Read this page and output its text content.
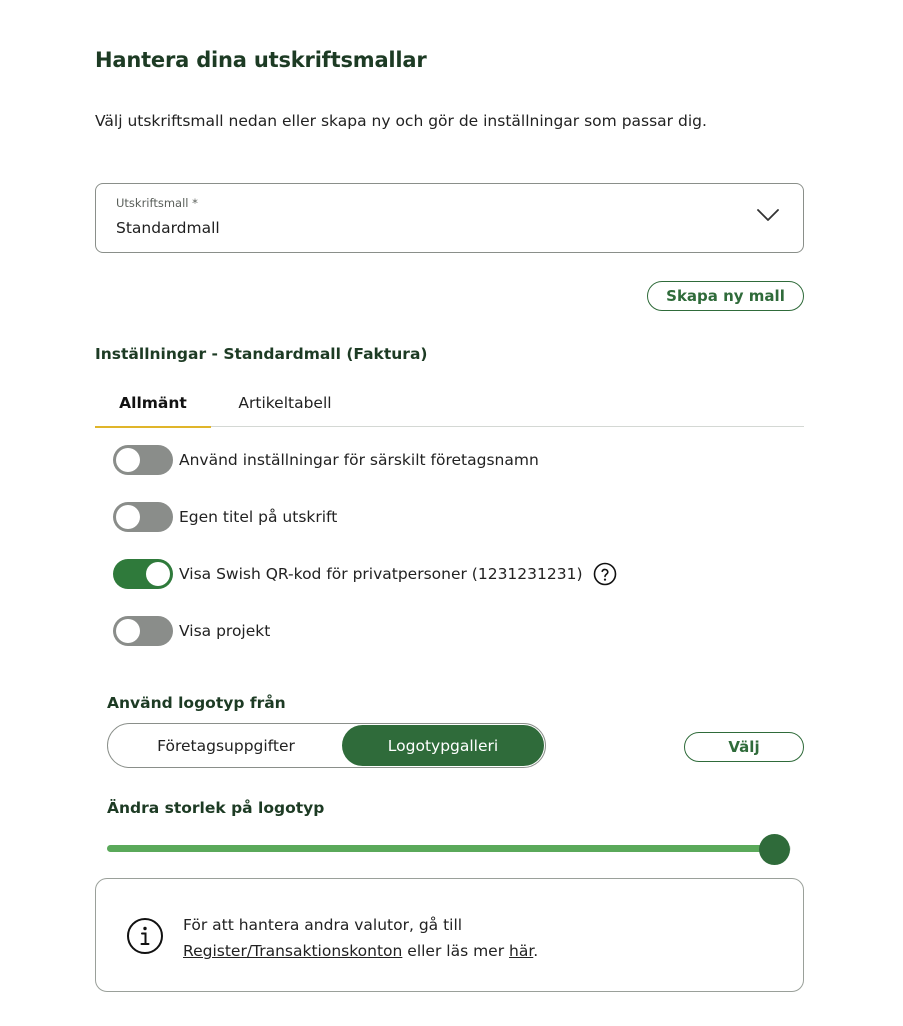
Hantera dina utskriftsmallar
Välj utskriftsmall nedan eller skapa ny och gör de inställningar som passar dig.
Utskriftsmall *
Standardmall
Skapa ny mall
Inställningar - Standardmall (Faktura)
Allmänt	Artikeltabell
Använd inställningar för särskilt företagsnamn
Egen titel på utskrift
Visa Swish QR-kod för privatpersoner (1231231231)
Visa projekt
Använd logotyp från
Företagsuppgifter	Logotypgalleri	Välj
Ändra storlek på logotyp
För att hantera andra valutor, gå till
Register/Transaktionskonton eller läs mer här.
